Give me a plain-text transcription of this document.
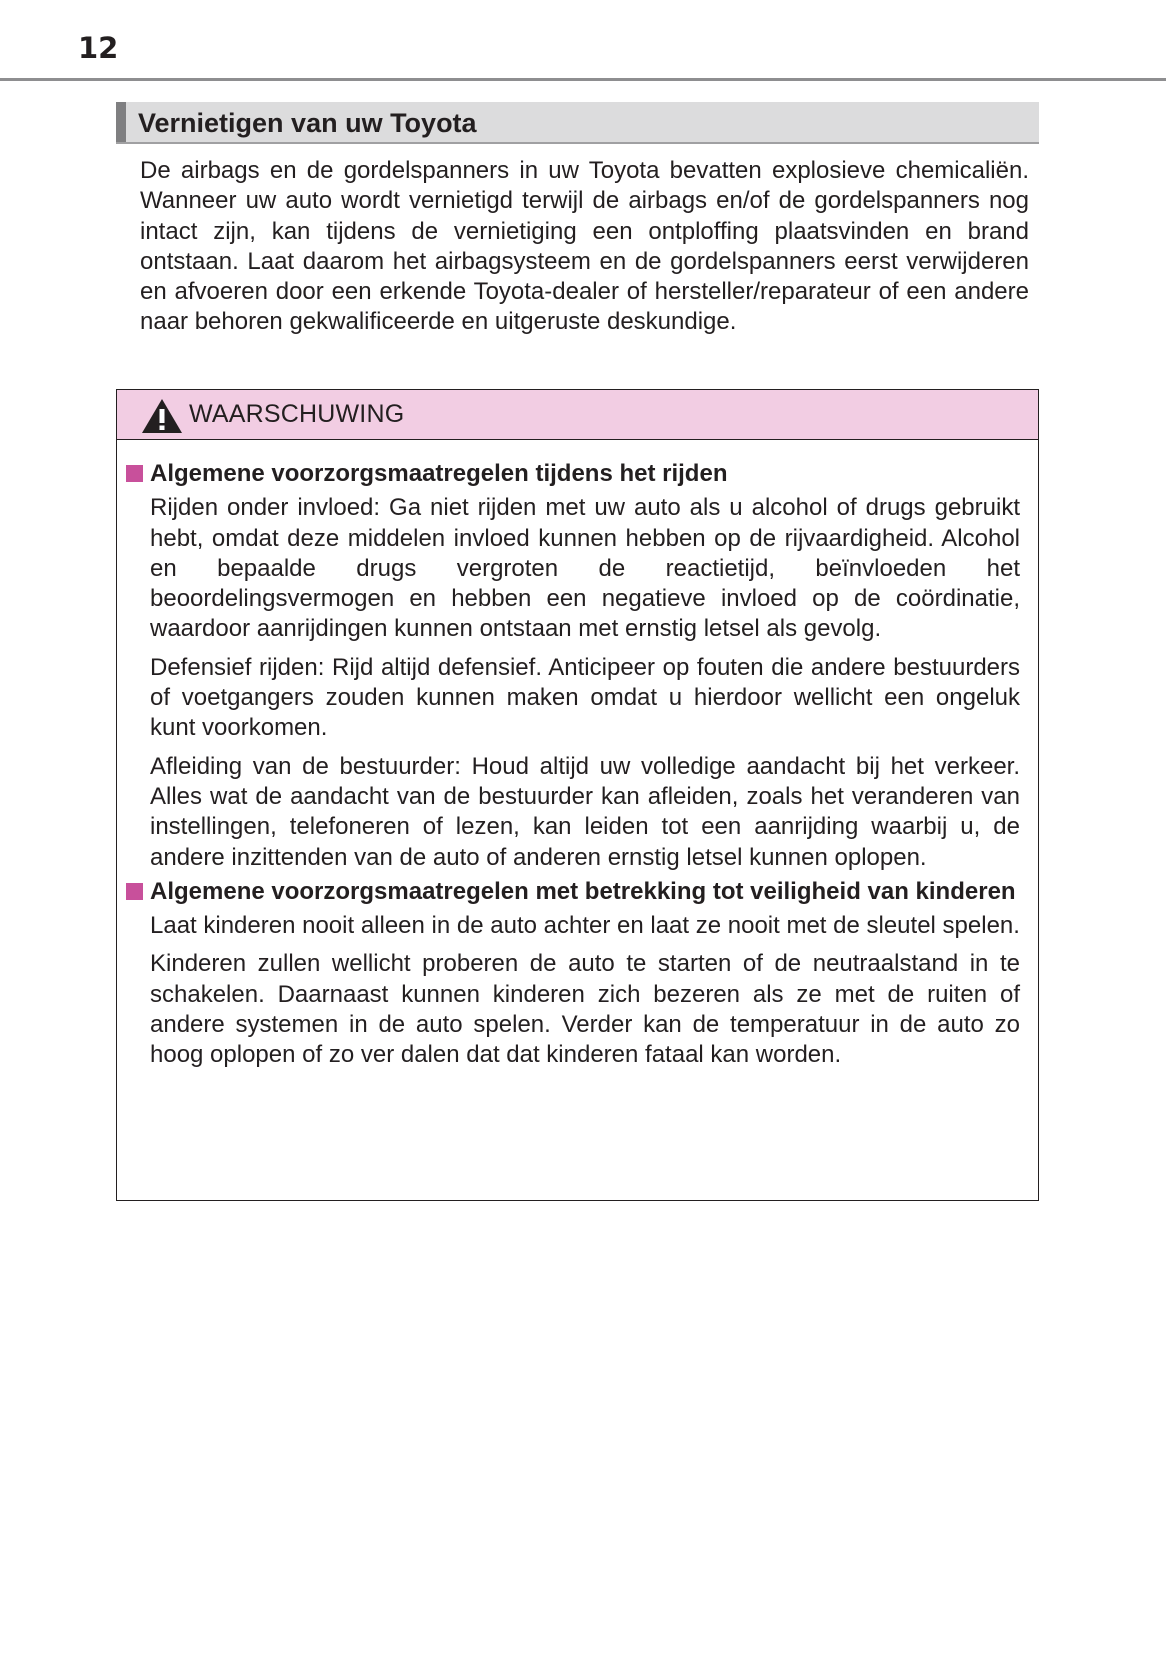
12
Vernietigen van uw Toyota
De airbags en de gordelspanners in uw Toyota bevatten explosieve chemicaliën. Wanneer uw auto wordt vernietigd terwijl de airbags en/of de gordelspanners nog intact zijn, kan tijdens de vernietiging een ontploffing plaatsvinden en brand ontstaan. Laat daarom het airbagsysteem en de gordelspanners eerst verwijderen en afvoeren door een erkende Toyota-dealer of hersteller/reparateur of een andere naar behoren gekwalificeerde en uitgeruste deskundige.
WAARSCHUWING
Algemene voorzorgsmaatregelen tijdens het rijden
Rijden onder invloed: Ga niet rijden met uw auto als u alcohol of drugs gebruikt hebt, omdat deze middelen invloed kunnen hebben op de rijvaardigheid. Alcohol en bepaalde drugs vergroten de reactietijd, beïnvloeden het beoordelingsvermogen en hebben een negatieve invloed op de coördinatie, waardoor aanrijdingen kunnen ontstaan met ernstig letsel als gevolg.
Defensief rijden: Rijd altijd defensief. Anticipeer op fouten die andere bestuurders of voetgangers zouden kunnen maken omdat u hierdoor wellicht een ongeluk kunt voorkomen.
Afleiding van de bestuurder: Houd altijd uw volledige aandacht bij het verkeer. Alles wat de aandacht van de bestuurder kan afleiden, zoals het veranderen van instellingen, telefoneren of lezen, kan leiden tot een aanrijding waarbij u, de andere inzittenden van de auto of anderen ernstig letsel kunnen oplopen.
Algemene voorzorgsmaatregelen met betrekking tot veiligheid van kinderen
Laat kinderen nooit alleen in de auto achter en laat ze nooit met de sleutel spelen.
Kinderen zullen wellicht proberen de auto te starten of de neutraalstand in te schakelen. Daarnaast kunnen kinderen zich bezeren als ze met de ruiten of andere systemen in de auto spelen. Verder kan de temperatuur in de auto zo hoog oplopen of zo ver dalen dat dat kinderen fataal kan worden.
